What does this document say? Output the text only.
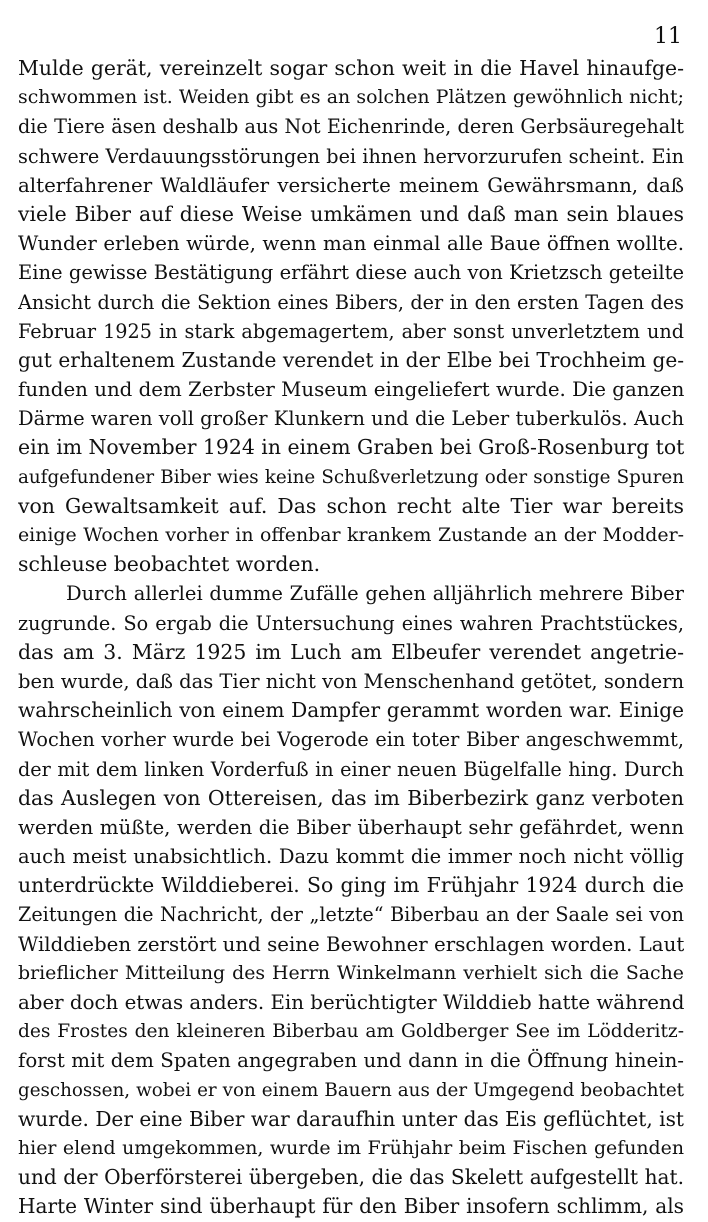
11
Mulde gerät, vereinzelt sogar schon weit in die Havel hinaufge-
schwommen ist. Weiden gibt es an solchen Plätzen gewöhnlich nicht;
die Tiere äsen deshalb aus Not Eichenrinde, deren Gerbsäuregehalt
schwere Verdauungsstörungen bei ihnen hervorzurufen scheint. Ein
alterfahrener Waldläufer versicherte meinem Gewährsmann, daß
viele Biber auf diese Weise umkämen und daß man sein blaues
Wunder erleben würde, wenn man einmal alle Baue öffnen wollte.
Eine gewisse Bestätigung erfährt diese auch von Krietzsch geteilte
Ansicht durch die Sektion eines Bibers, der in den ersten Tagen des
Februar 1925 in stark abgemagertem, aber sonst unverletztem und
gut erhaltenem Zustande verendet in der Elbe bei Trochheim ge-
funden und dem Zerbster Museum eingeliefert wurde. Die ganzen
Därme waren voll großer Klunkern und die Leber tuberkulös. Auch
ein im November 1924 in einem Graben bei Groß-Rosenburg tot
aufgefundener Biber wies keine Schußverletzung oder sonstige Spuren
von Gewaltsamkeit auf. Das schon recht alte Tier war bereits
einige Wochen vorher in offenbar krankem Zustande an der Modder-
schleuse beobachtet worden.
Durch allerlei dumme Zufälle gehen alljährlich mehrere Biber
zugrunde. So ergab die Untersuchung eines wahren Prachtstückes,
das am 3. März 1925 im Luch am Elbeufer verendet angetrie-
ben wurde, daß das Tier nicht von Menschenhand getötet, sondern
wahrscheinlich von einem Dampfer gerammt worden war. Einige
Wochen vorher wurde bei Vogerode ein toter Biber angeschwemmt,
der mit dem linken Vorderfuß in einer neuen Bügelfalle hing. Durch
das Auslegen von Ottereisen, das im Biberbezirk ganz verboten
werden müßte, werden die Biber überhaupt sehr gefährdet, wenn
auch meist unabsichtlich. Dazu kommt die immer noch nicht völlig
unterdrückte Wilddieberei. So ging im Frühjahr 1924 durch die
Zeitungen die Nachricht, der „letzte“ Biberbau an der Saale sei von
Wilddieben zerstört und seine Bewohner erschlagen worden. Laut
brieflicher Mitteilung des Herrn Winkelmann verhielt sich die Sache
aber doch etwas anders. Ein berüchtigter Wilddieb hatte während
des Frostes den kleineren Biberbau am Goldberger See im Lödderitz-
forst mit dem Spaten angegraben und dann in die Öffnung hinein-
geschossen, wobei er von einem Bauern aus der Umgegend beobachtet
wurde. Der eine Biber war daraufhin unter das Eis geflüchtet, ist
hier elend umgekommen, wurde im Frühjahr beim Fischen gefunden
und der Oberförsterei übergeben, die das Skelett aufgestellt hat.
Harte Winter sind überhaupt für den Biber insofern schlimm, als
